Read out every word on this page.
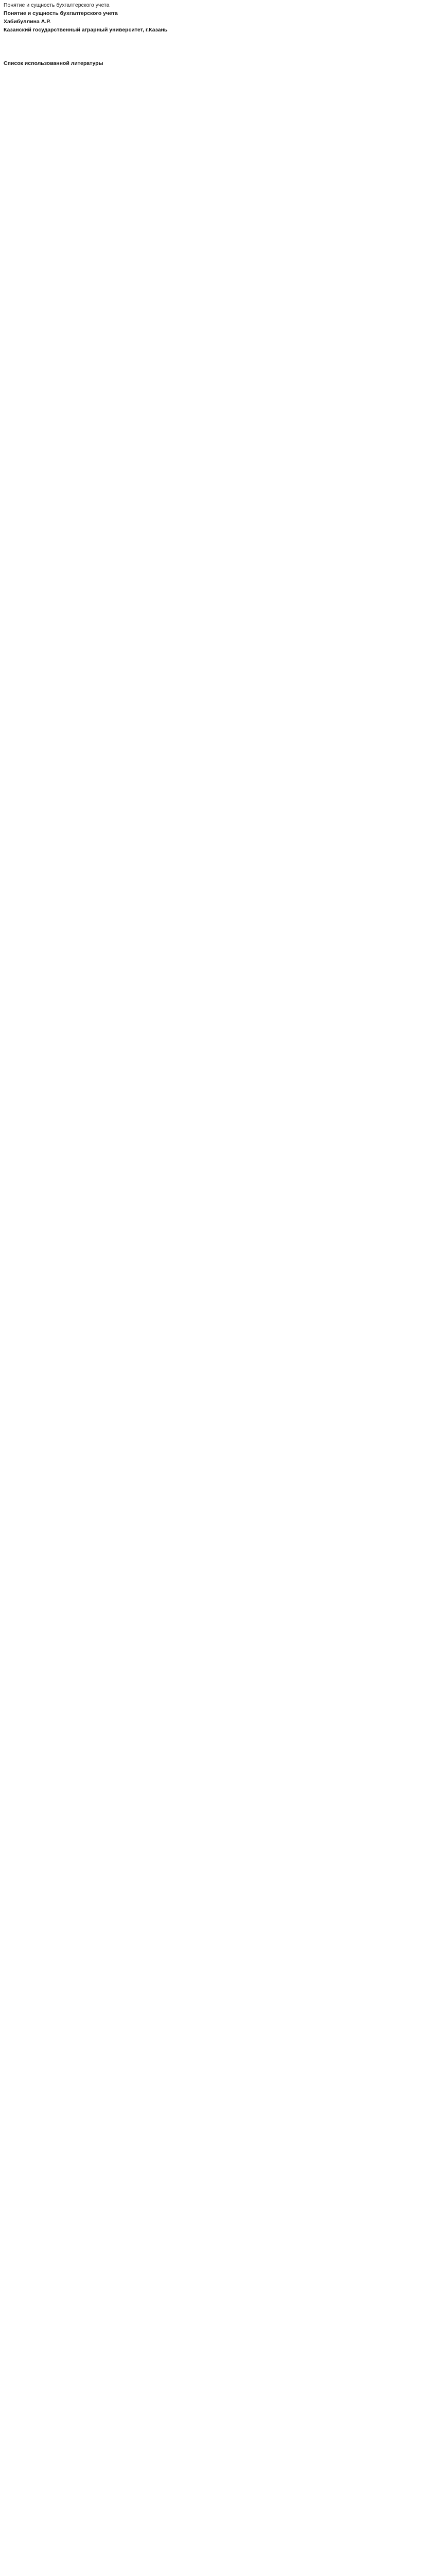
Понятие и сущность бухгалтерского учета

Понятие и сущность бухгалтерского учета

Хабибуллина А.Р.

Казанский государственный аграрный университет, г.Казань

Список использованной литературы
